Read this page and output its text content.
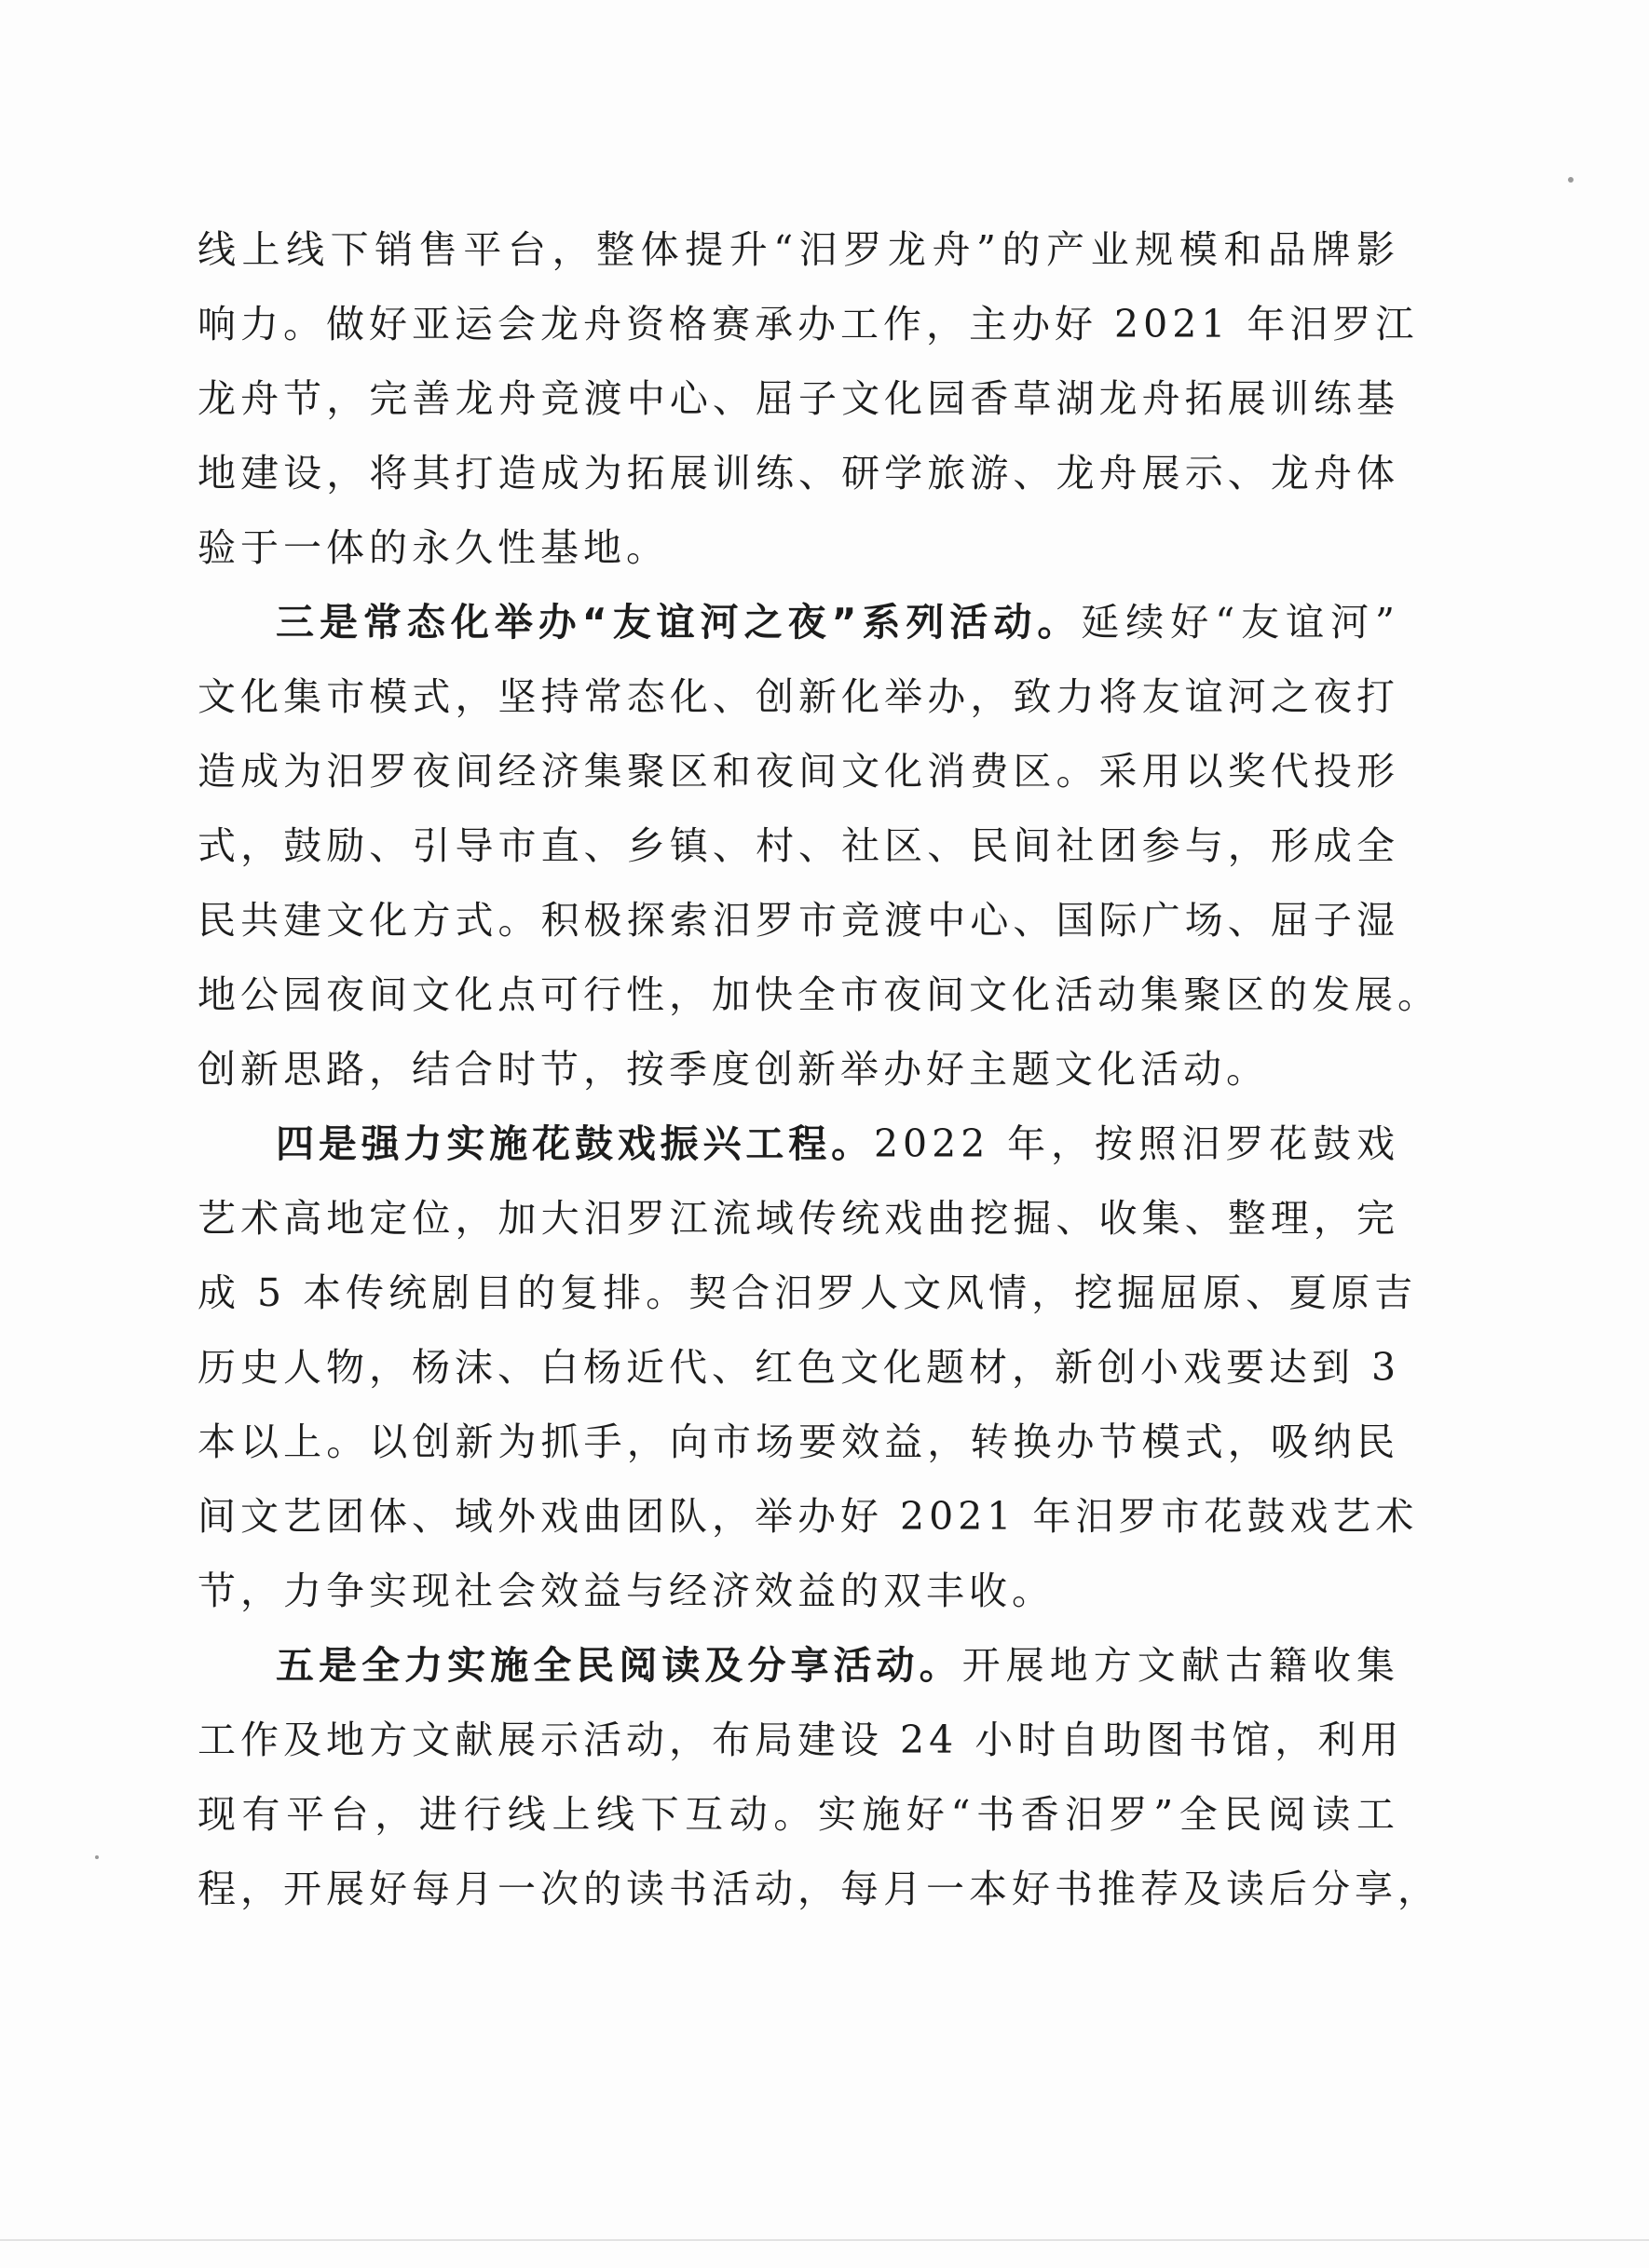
线上线下销售平台，整体提升“汨罗龙舟”的产业规模和品牌影
响力。做好亚运会龙舟资格赛承办工作，主办好 2021 年汨罗江
龙舟节，完善龙舟竞渡中心、屈子文化园香草湖龙舟拓展训练基
地建设，将其打造成为拓展训练、研学旅游、龙舟展示、龙舟体
验于一体的永久性基地。
三是常态化举办“友谊河之夜”系列活动。延续好“友谊河”
文化集市模式，坚持常态化、创新化举办，致力将友谊河之夜打
造成为汨罗夜间经济集聚区和夜间文化消费区。采用以奖代投形
式，鼓励、引导市直、乡镇、村、社区、民间社团参与，形成全
民共建文化方式。积极探索汨罗市竞渡中心、国际广场、屈子湿
地公园夜间文化点可行性，加快全市夜间文化活动集聚区的发展。
创新思路，结合时节，按季度创新举办好主题文化活动。
四是强力实施花鼓戏振兴工程。2022 年，按照汨罗花鼓戏
艺术高地定位，加大汨罗江流域传统戏曲挖掘、收集、整理，完
成 5 本传统剧目的复排。契合汨罗人文风情，挖掘屈原、夏原吉
历史人物，杨沫、白杨近代、红色文化题材，新创小戏要达到 3
本以上。以创新为抓手，向市场要效益，转换办节模式，吸纳民
间文艺团体、域外戏曲团队，举办好 2021 年汨罗市花鼓戏艺术
节，力争实现社会效益与经济效益的双丰收。
五是全力实施全民阅读及分享活动。开展地方文献古籍收集
工作及地方文献展示活动，布局建设 24 小时自助图书馆，利用
现有平台，进行线上线下互动。实施好“书香汨罗”全民阅读工
程，开展好每月一次的读书活动，每月一本好书推荐及读后分享，
